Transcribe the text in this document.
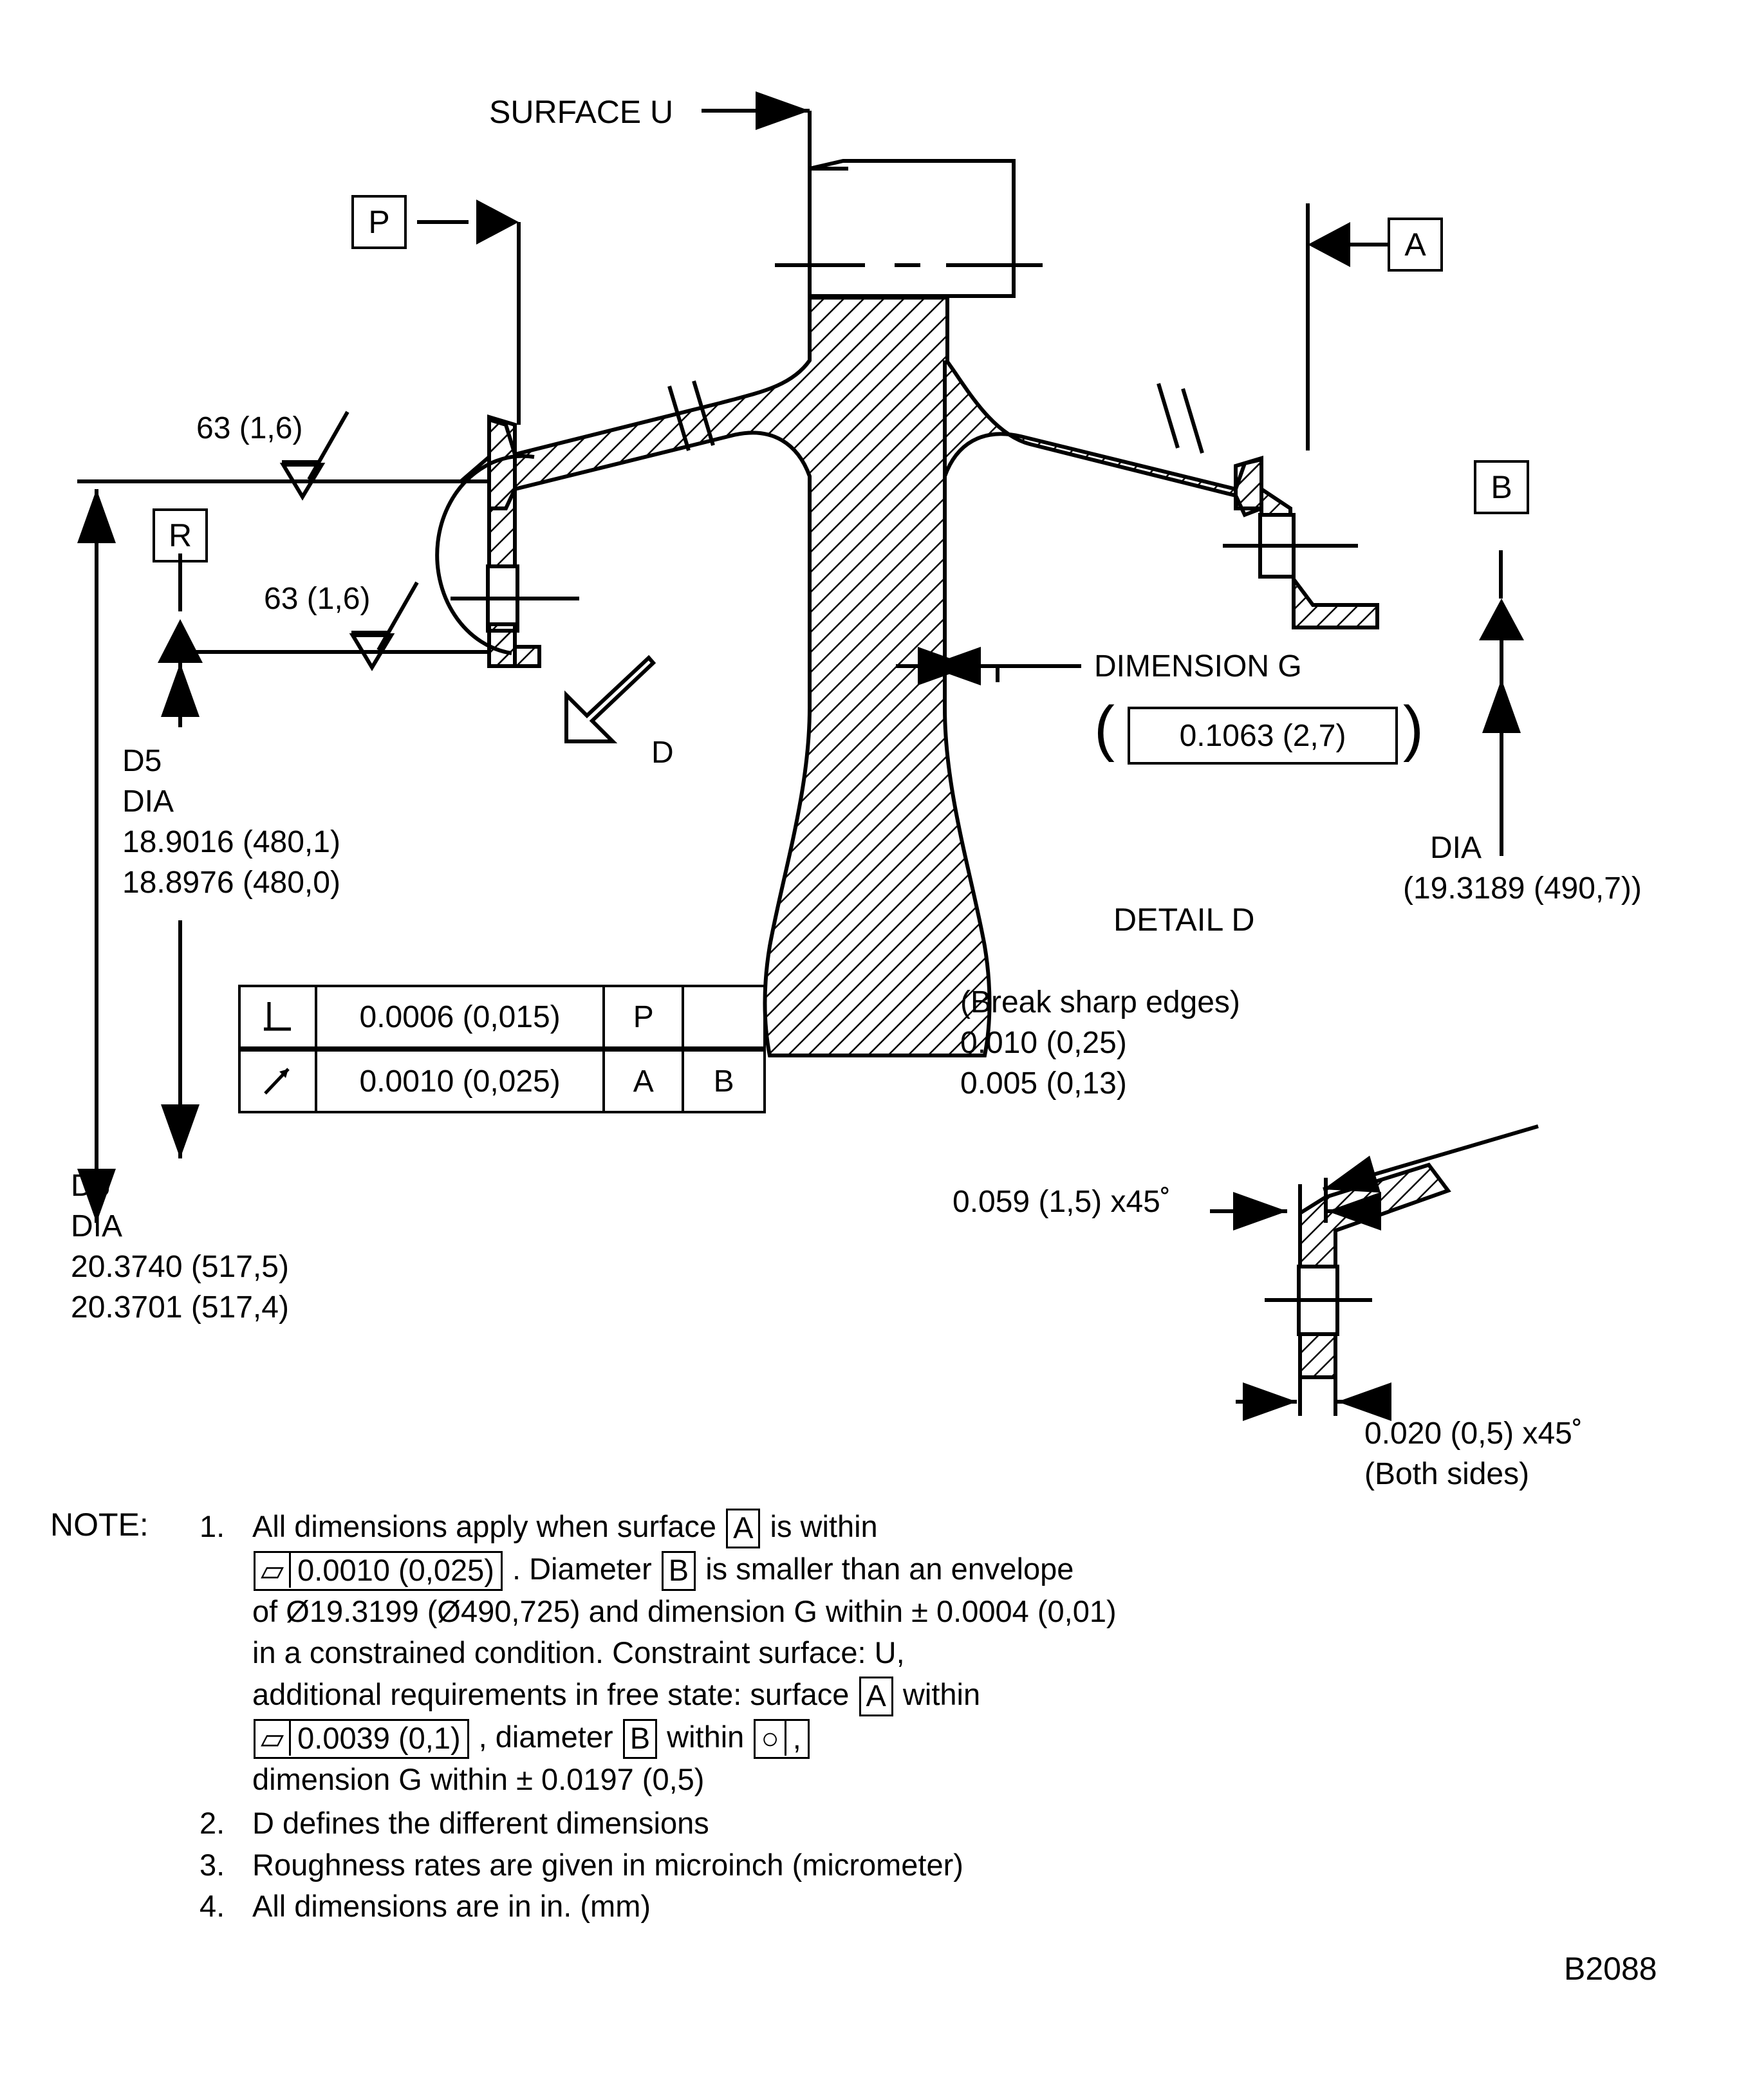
SURFACE U
P
A
B
R
63 (1,6)
63 (1,6)
D
D5
DIA
18.9016 (480,1)
18.8976 (480,0)
D6
DIA
20.3740 (517,5)
20.3701 (517,4)
DIMENSION G
( 0.1063 (2,7) )
DIA
(19.3189 (490,7))
DETAIL D
(Break sharp edges)
0.010 (0,25)
0.005 (0,13)
0.059 (1,5) x45˚
0.020 (0,5) x45˚
(Both sides)
0.0006 (0,015)	P
0.0010 (0,025)	A	B
NOTE: 1. All dimensions apply when surface A is within
▱ 0.0010 (0,025) . Diameter B is smaller than an envelope
of Ø19.3199 (Ø490,725) and dimension G within ± 0.0004 (0,01)
in a constrained condition. Constraint surface: U,
additional requirements in free state: surface A within
▱ 0.0039 (0,1) , diameter B within ○,
dimension G within ± 0.0197 (0,5)
2. D defines the different dimensions
3. Roughness rates are given in microinch (micrometer)
4. All dimensions are in in. (mm)
B2088
